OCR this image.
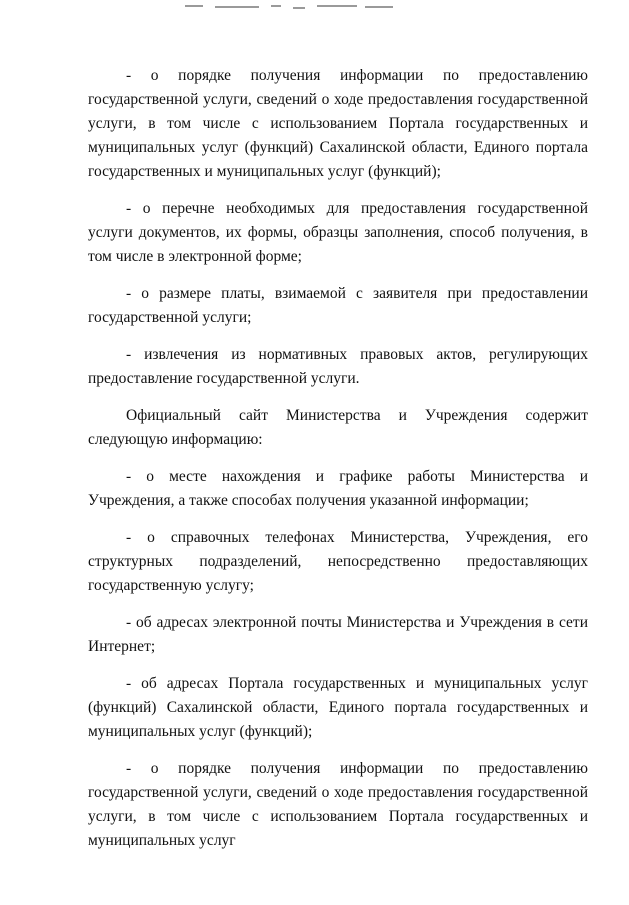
- о порядке получения информации по предоставлению государственной услуги, сведений о ходе предоставления государственной услуги, в том числе с использованием Портала государственных и муниципальных услуг (функций) Сахалинской области, Единого портала государственных и муниципальных услуг (функций);

- о перечне необходимых для предоставления государственной услуги документов, их формы, образцы заполнения, способ получения, в том числе в электронной форме;

- о размере платы, взимаемой с заявителя при предоставлении государственной услуги;

- извлечения из нормативных правовых актов, регулирующих предоставление государственной услуги.

Официальный сайт Министерства и Учреждения содержит следующую информацию:

- о месте нахождения и графике работы Министерства и Учреждения, а также способах получения указанной информации;

- о справочных телефонах Министерства, Учреждения, его структурных подразделений, непосредственно предоставляющих государственную услугу;

- об адресах электронной почты Министерства и Учреждения в сети Интернет;

- об адресах Портала государственных и муниципальных услуг (функций) Сахалинской области, Единого портала государственных и муниципальных услуг (функций);

- о порядке получения информации по предоставлению государственной услуги, сведений о ходе предоставления государственной услуги, в том числе с использованием Портала государственных и муниципальных услуг
